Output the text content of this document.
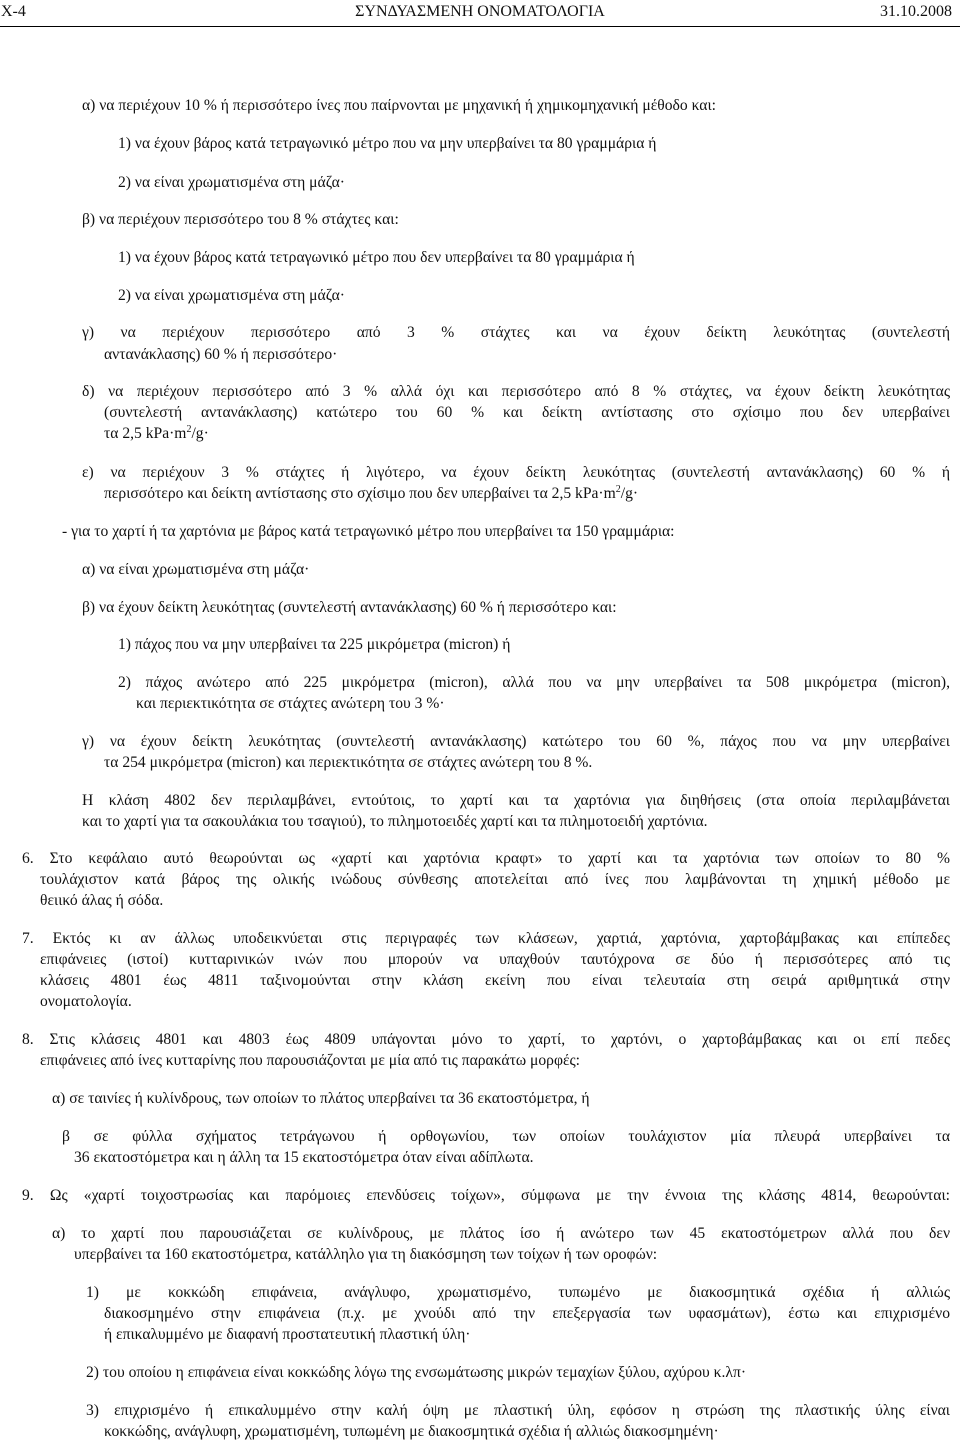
X-4	ΣΥΝΔΥΑΣΜΕΝΗ ΟΝΟΜΑΤΟΛΟΓΙΑ	31.10.2008
α) να περιέχουν 10 % ή περισσότερο ίνες που παίρνονται με μηχανική ή χημικομηχανική μέθοδο και:
1) να έχουν βάρος κατά τετραγωνικό μέτρο που να μην υπερβαίνει τα 80 γραμμάρια ή
2) να είναι χρωματισμένα στη μάζα·
β) να περιέχουν περισσότερο του 8 % στάχτες και:
1) να έχουν βάρος κατά τετραγωνικό μέτρο που δεν υπερβαίνει τα 80 γραμμάρια ή
2) να είναι χρωματισμένα στη μάζα·
γ) να περιέχουν περισσότερο από 3 % στάχτες και να έχουν δείκτη λευκότητας (συντελεστή
αντανάκλασης) 60 % ή περισσότερο·
δ) να περιέχουν περισσότερο από 3 % αλλά όχι και περισσότερο από 8 % στάχτες, να έχουν δείκτη λευκότητας
(συντελεστή αντανάκλασης) κατώτερο του 60 % και δείκτη αντίστασης στο σχίσιμο που δεν υπερβαίνει
τα 2,5 $kPa\cdot m^2/g\cdot$
ε) να περιέχουν 3 % στάχτες ή λιγότερο, να έχουν δείκτη λευκότητας (συντελεστή αντανάκλασης) 60 % ή
περισσότερο και δείκτη αντίστασης στο σχίσιμο που δεν υπερβαίνει τα 2,5 $kPa\cdot m^2/g\cdot$
- για το χαρτί ή τα χαρτόνια με βάρος κατά τετραγωνικό μέτρο που υπερβαίνει τα 150 γραμμάρια:
α) να είναι χρωματισμένα στη μάζα·
β) να έχουν δείκτη λευκότητας (συντελεστή αντανάκλασης) 60 % ή περισσότερο και:
1) πάχος που να μην υπερβαίνει τα 225 μικρόμετρα (micron) ή
2) πάχος ανώτερο από 225 μικρόμετρα (micron), αλλά που να μην υπερβαίνει τα 508 μικρόμετρα (micron),
και περιεκτικότητα σε στάχτες ανώτερη του 3 %·
γ) να έχουν δείκτη λευκότητας (συντελεστή αντανάκλασης) κατώτερο του 60 %, πάχος που να μην υπερβαίνει
τα 254 μικρόμετρα (micron) και περιεκτικότητα σε στάχτες ανώτερη του 8 %.
Η κλάση 4802 δεν περιλαμβάνει, εντούτοις, το χαρτί και τα χαρτόνια για διηθήσεις (στα οποία περιλαμβάνεται
και το χαρτί για τα σακουλάκια του τσαγιού), το πιλημοτοειδές χαρτί και τα πιλημοτοειδή χαρτόνια.
6. Στο κεφάλαιο αυτό θεωρούνται ως «χαρτί και χαρτόνια κραφτ» το χαρτί και τα χαρτόνια των οποίων το 80 %
τουλάχιστον κατά βάρος της ολικής ινώδους σύνθεσης αποτελείται από ίνες που λαμβάνονται τη χημική μέθοδο με
θειικό άλας ή σόδα.
7. Εκτός κι αν άλλως υποδεικνύεται στις περιγραφές των κλάσεων, χαρτιά, χαρτόνια, χαρτοβάμβακας και επίπεδες
επιφάνειες (ιστοί) κυτταρινικών ινών που μπορούν να υπαχθούν ταυτόχρονα σε δύο ή περισσότερες από τις
κλάσεις 4801 έως 4811 ταξινομούνται στην κλάση εκείνη που είναι τελευταία στη σειρά αριθμητικά στην
ονοματολογία.
8. Στις κλάσεις 4801 και 4803 έως 4809 υπάγονται μόνο το χαρτί, το χαρτόνι, ο χαρτοβάμβακας και οι επί πεδες
επιφάνειες από ίνες κυτταρίνης που παρουσιάζονται με μία από τις παρακάτω μορφές:
α) σε ταινίες ή κυλίνδρους, των οποίων το πλάτος υπερβαίνει τα 36 εκατοστόμετρα, ή
β σε φύλλα σχήματος τετράγωνου ή ορθογωνίου, των οποίων τουλάχιστον μία πλευρά υπερβαίνει τα
36 εκατοστόμετρα και η άλλη τα 15 εκατοστόμετρα όταν είναι αδίπλωτα.
9. Ως «χαρτί τοιχοστρωσίας και παρόμοιες επενδύσεις τοίχων», σύμφωνα με την έννοια της κλάσης 4814, θεωρούνται:
α) το χαρτί που παρουσιάζεται σε κυλίνδρους, με πλάτος ίσο ή ανώτερο των 45 εκατοστόμετρων αλλά που δεν
υπερβαίνει τα 160 εκατοστόμετρα, κατάλληλο για τη διακόσμηση των τοίχων ή των οροφών:
1) με κοκκώδη επιφάνεια, ανάγλυφο, χρωματισμένο, τυπωμένο με διακοσμητικά σχέδια ή αλλιώς
διακοσμημένο στην επιφάνεια (π.χ. με χνούδι από την επεξεργασία των υφασμάτων), έστω και επιχρισμένο
ή επικαλυμμένο με διαφανή προστατευτική πλαστική ύλη·
2) του οποίου η επιφάνεια είναι κοκκώδης λόγω της ενσωμάτωσης μικρών τεμαχίων ξύλου, αχύρου κ.λπ·
3) επιχρισμένο ή επικαλυμμένο στην καλή όψη με πλαστική ύλη, εφόσον η στρώση της πλαστικής ύλης είναι
κοκκώδης, ανάγλυφη, χρωματισμένη, τυπωμένη με διακοσμητικά σχέδια ή αλλιώς διακοσμημένη·
